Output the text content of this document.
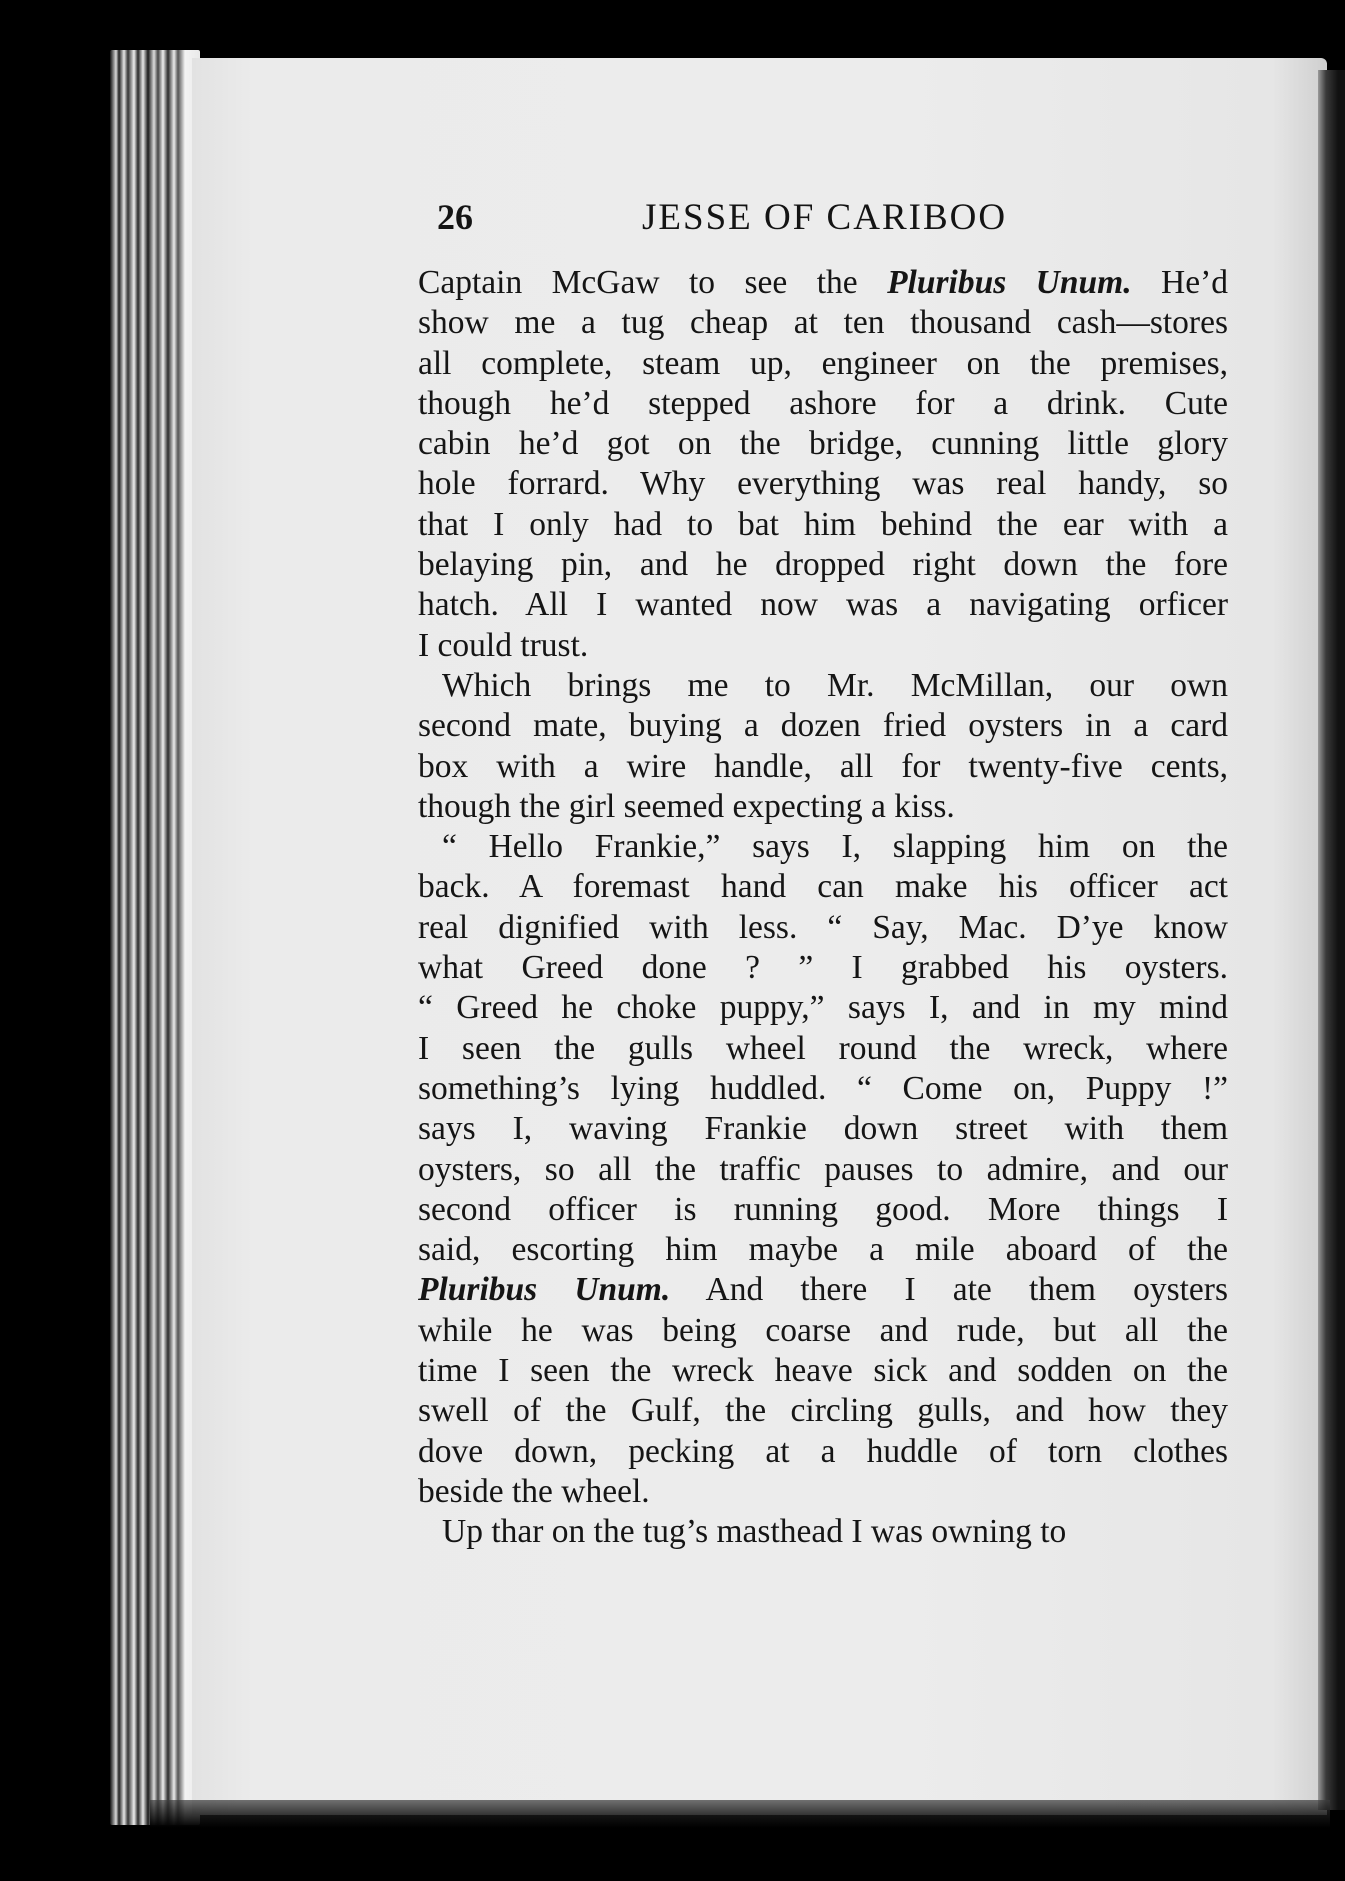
26	JESSE OF CARIBOO
Captain McGaw to see the Pluribus Unum. He’d
show me a tug cheap at ten thousand cash—stores
all complete, steam up, engineer on the premises,
though he’d stepped ashore for a drink. Cute
cabin he’d got on the bridge, cunning little glory
hole forrard. Why everything was real handy, so
that I only had to bat him behind the ear with a
belaying pin, and he dropped right down the fore
hatch. All I wanted now was a navigating orficer
I could trust.
Which brings me to Mr. McMillan, our own
second mate, buying a dozen fried oysters in a card
box with a wire handle, all for twenty-five cents,
though the girl seemed expecting a kiss.
“ Hello Frankie,” says I, slapping him on the
back. A foremast hand can make his officer act
real dignified with less. “ Say, Mac. D’ye know
what Greed done ? ” I grabbed his oysters.
“ Greed he choke puppy,” says I, and in my mind
I seen the gulls wheel round the wreck, where
something’s lying huddled. “ Come on, Puppy !”
says I, waving Frankie down street with them
oysters, so all the traffic pauses to admire, and our
second officer is running good. More things I
said, escorting him maybe a mile aboard of the
Pluribus Unum. And there I ate them oysters
while he was being coarse and rude, but all the
time I seen the wreck heave sick and sodden on the
swell of the Gulf, the circling gulls, and how they
dove down, pecking at a huddle of torn clothes
beside the wheel.
Up thar on the tug’s masthead I was owning to
